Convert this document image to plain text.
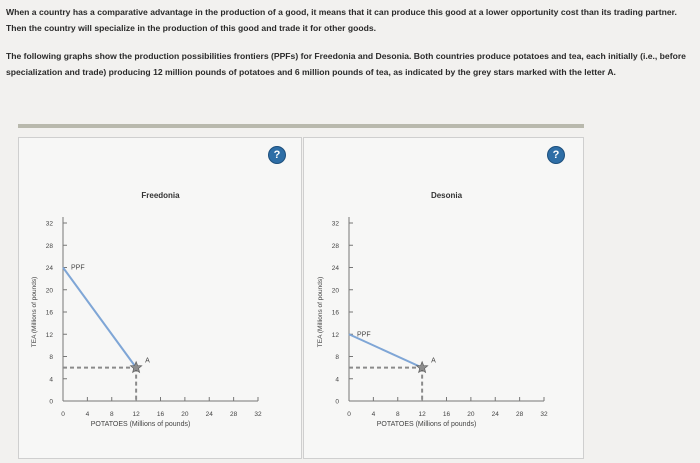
When a country has a comparative advantage in the production of a good, it means that it can produce this good at a lower opportunity cost than its trading partner. Then the country will specialize in the production of this good and trade it for other goods.
The following graphs show the production possibilities frontiers (PPFs) for Freedonia and Desonia. Both countries produce potatoes and tea, each initially (i.e., before specialization and trade) producing 12 million pounds of potatoes and 6 million pounds of tea, as indicated by the grey stars marked with the letter A.
?	?
Freedonia
0
4
8
12
16
20
24
28
32
0	4	8	12	16	20	24	28	32
POTATOES (Millions of pounds)
TEA (Millions of pounds)
PPF
A
Desonia
0
4
8
12
16
20
24
28
32
0	4	8	12	16	20	24	28	32
POTATOES (Millions of pounds)
TEA (Millions of pounds)	PPF
A
